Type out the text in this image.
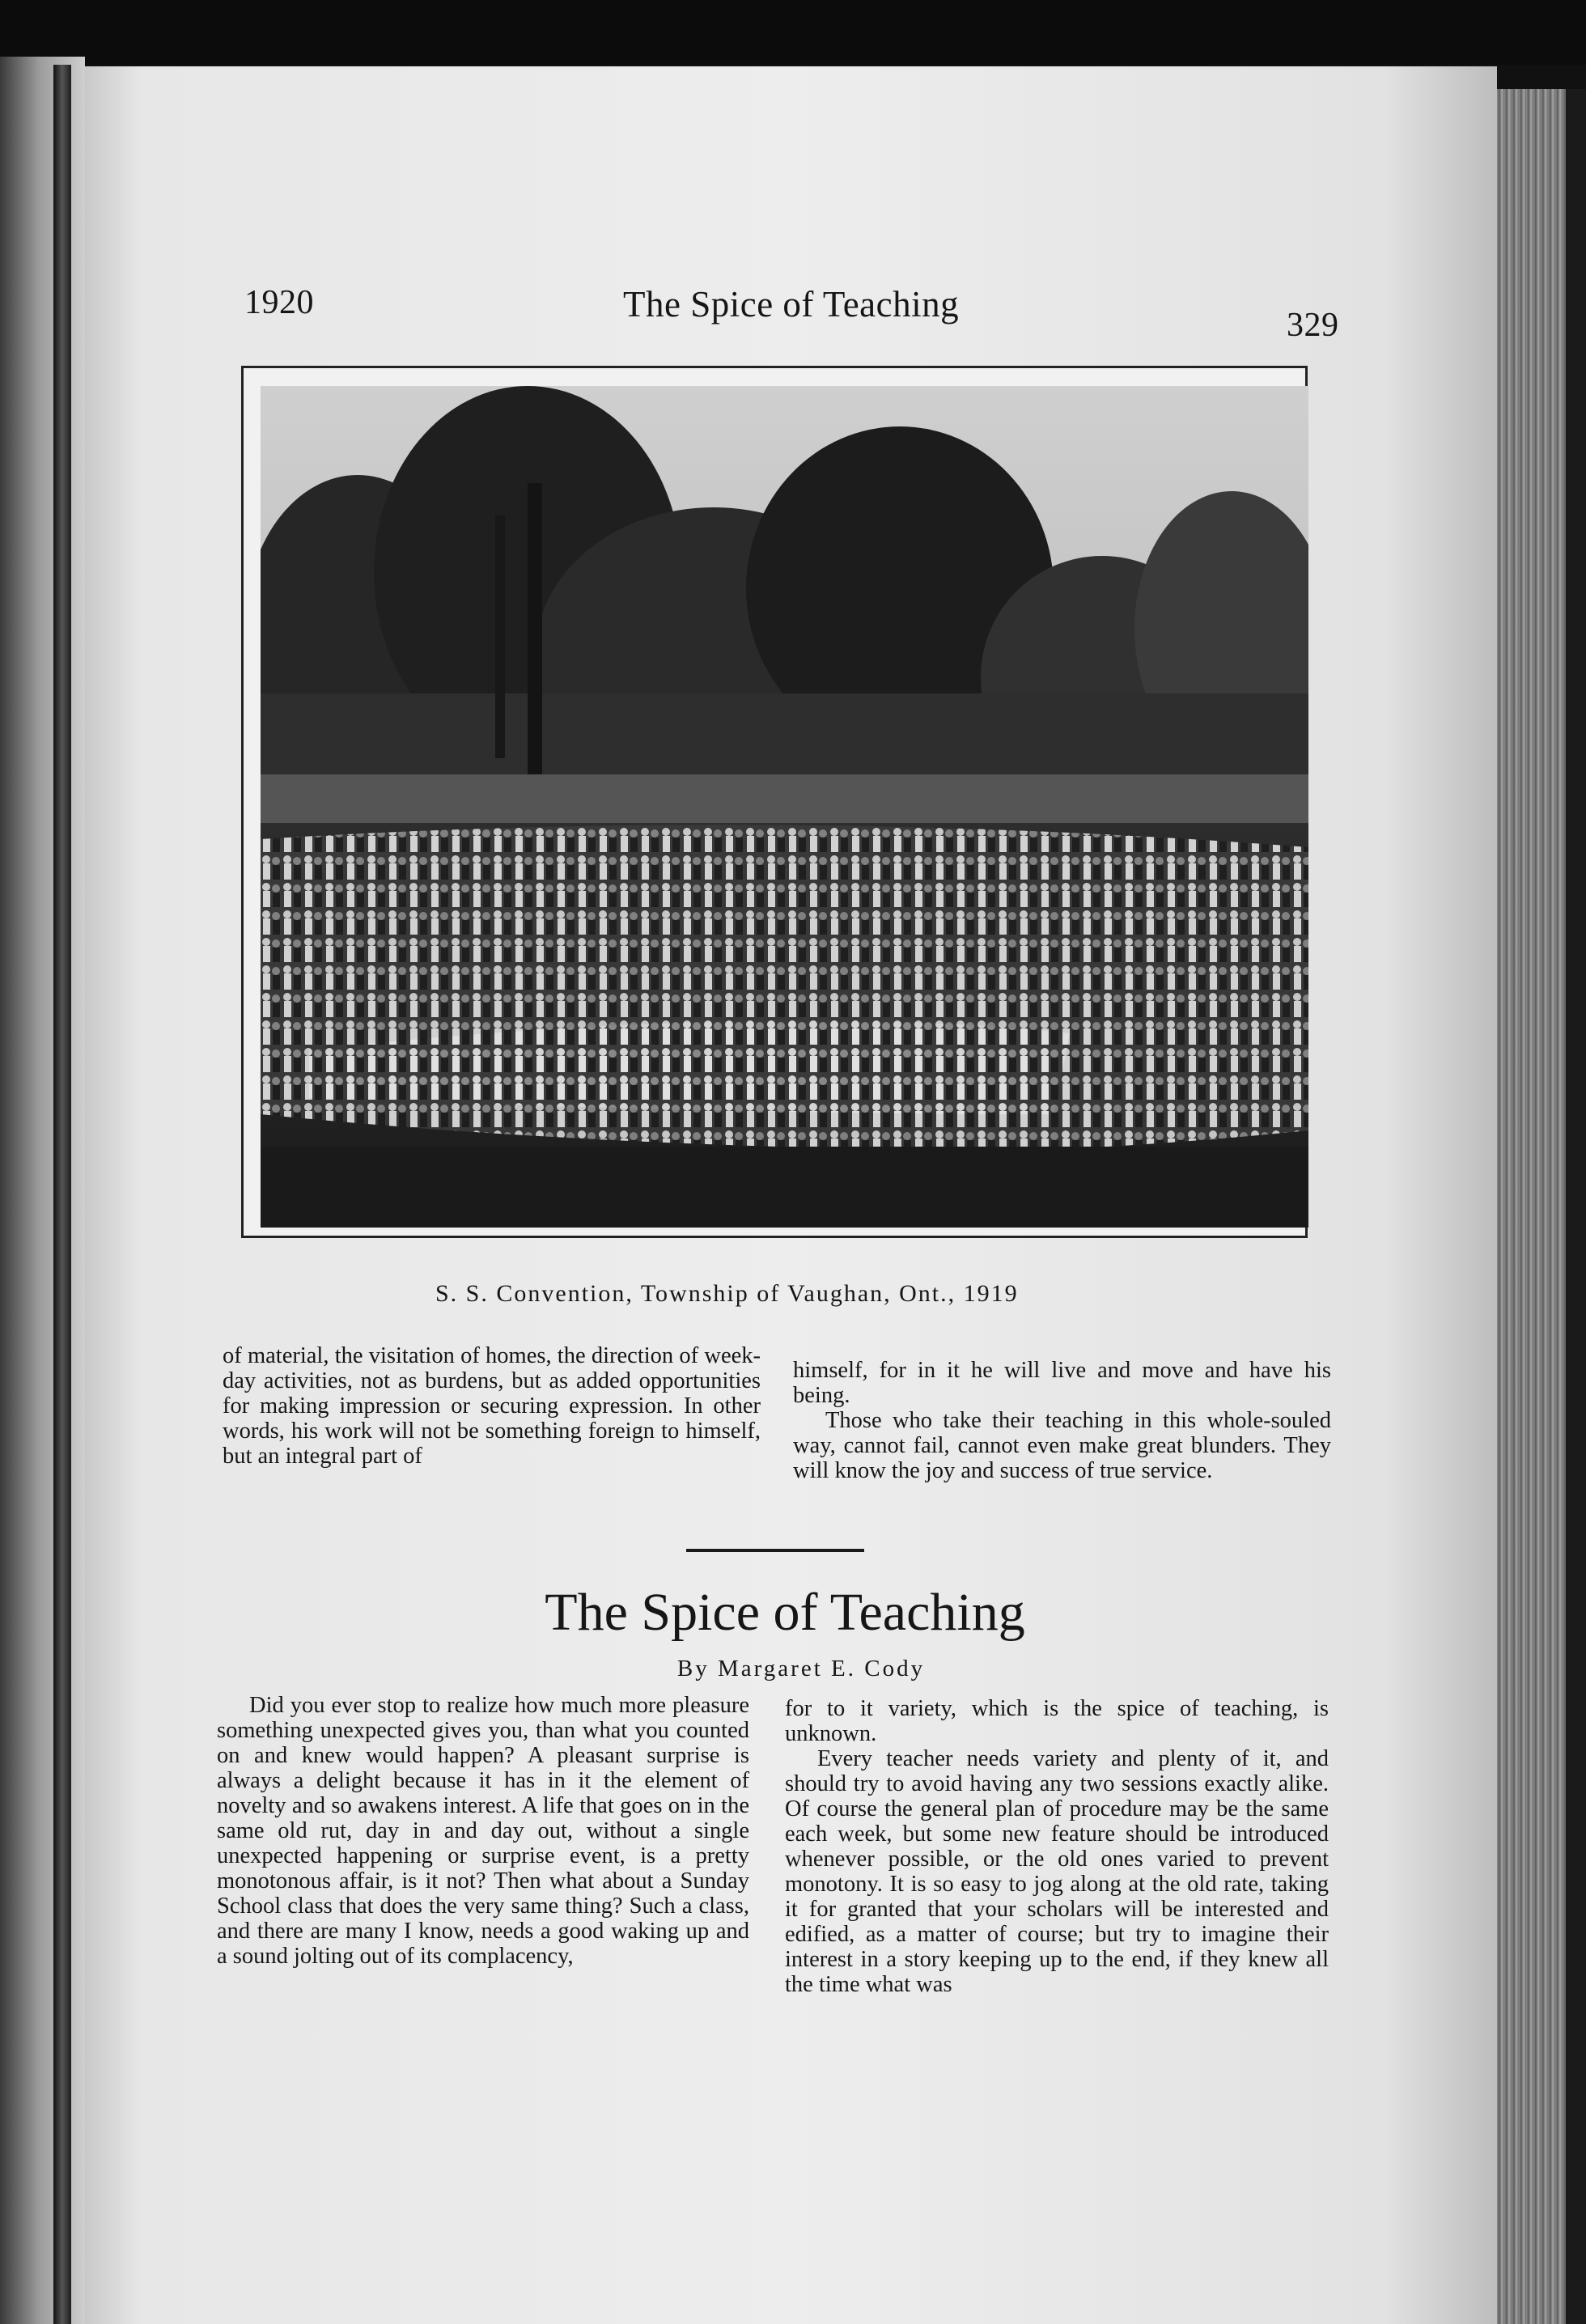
1920	The Spice of Teaching
329
S. S. Convention, Township of Vaughan, Ont., 1919

of material, the visitation of homes, the direction of week-day activities, not as burdens, but as added opportunities for making impression or securing expression. In other words, his work will not be something foreign to himself, but an integral part of

himself, for in it he will live and move and have his being.

Those who take their teaching in this whole-souled way, cannot fail, cannot even make great blunders. They will know the joy and success of true service.

The Spice of Teaching
By Margaret E. Cody

Did you ever stop to realize how much more pleasure something unexpected gives you, than what you counted on and knew would happen? A pleasant surprise is always a delight because it has in it the element of novelty and so awakens interest. A life that goes on in the same old rut, day in and day out, without a single unexpected happening or surprise event, is a pretty monotonous affair, is it not? Then what about a Sunday School class that does the very same thing? Such a class, and there are many I know, needs a good waking up and a sound jolting out of its complacency,

for to it variety, which is the spice of teaching, is unknown.

Every teacher needs variety and plenty of it, and should try to avoid having any two sessions exactly alike. Of course the general plan of procedure may be the same each week, but some new feature should be introduced whenever possible, or the old ones varied to prevent monotony. It is so easy to jog along at the old rate, taking it for granted that your scholars will be interested and edified, as a matter of course; but try to imagine their interest in a story keeping up to the end, if they knew all the time what was
